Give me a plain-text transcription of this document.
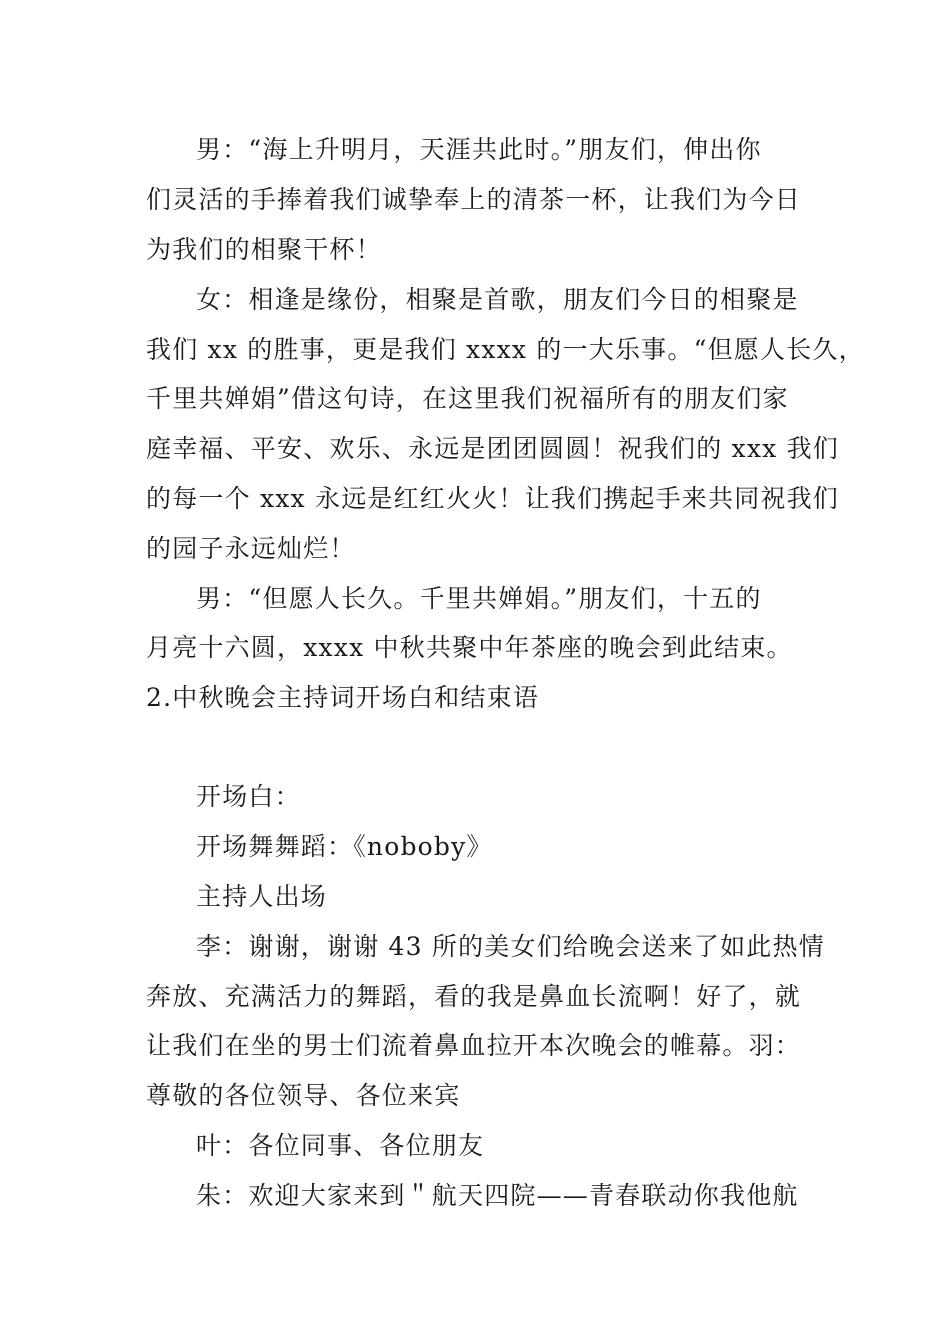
男：“海上升明月，天涯共此时。”朋友们，伸出你
们灵活的手捧着我们诚挚奉上的清茶一杯，让我们为今日
为我们的相聚干杯！
女：相逢是缘份，相聚是首歌，朋友们今日的相聚是
我们 xx 的胜事，更是我们 xxxx 的一大乐事。“但愿人长久，
千里共婵娟”借这句诗，在这里我们祝福所有的朋友们家
庭幸福、平安、欢乐、永远是团团圆圆！祝我们的 xxx 我们
的每一个 xxx 永远是红红火火！让我们携起手来共同祝我们
的园子永远灿烂！
男：“但愿人长久。千里共婵娟。”朋友们，十五的
月亮十六圆，xxxx 中秋共聚中年茶座的晚会到此结束。
2.中秋晚会主持词开场白和结束语
开场白：
开场舞舞蹈：《noboby》
主持人出场
李：谢谢，谢谢 43 所的美女们给晚会送来了如此热情
奔放、充满活力的舞蹈，看的我是鼻血长流啊！好了，就
让我们在坐的男士们流着鼻血拉开本次晚会的帷幕。羽：
尊敬的各位领导、各位来宾
叶：各位同事、各位朋友
朱：欢迎大家来到＂航天四院——青春联动你我他航
